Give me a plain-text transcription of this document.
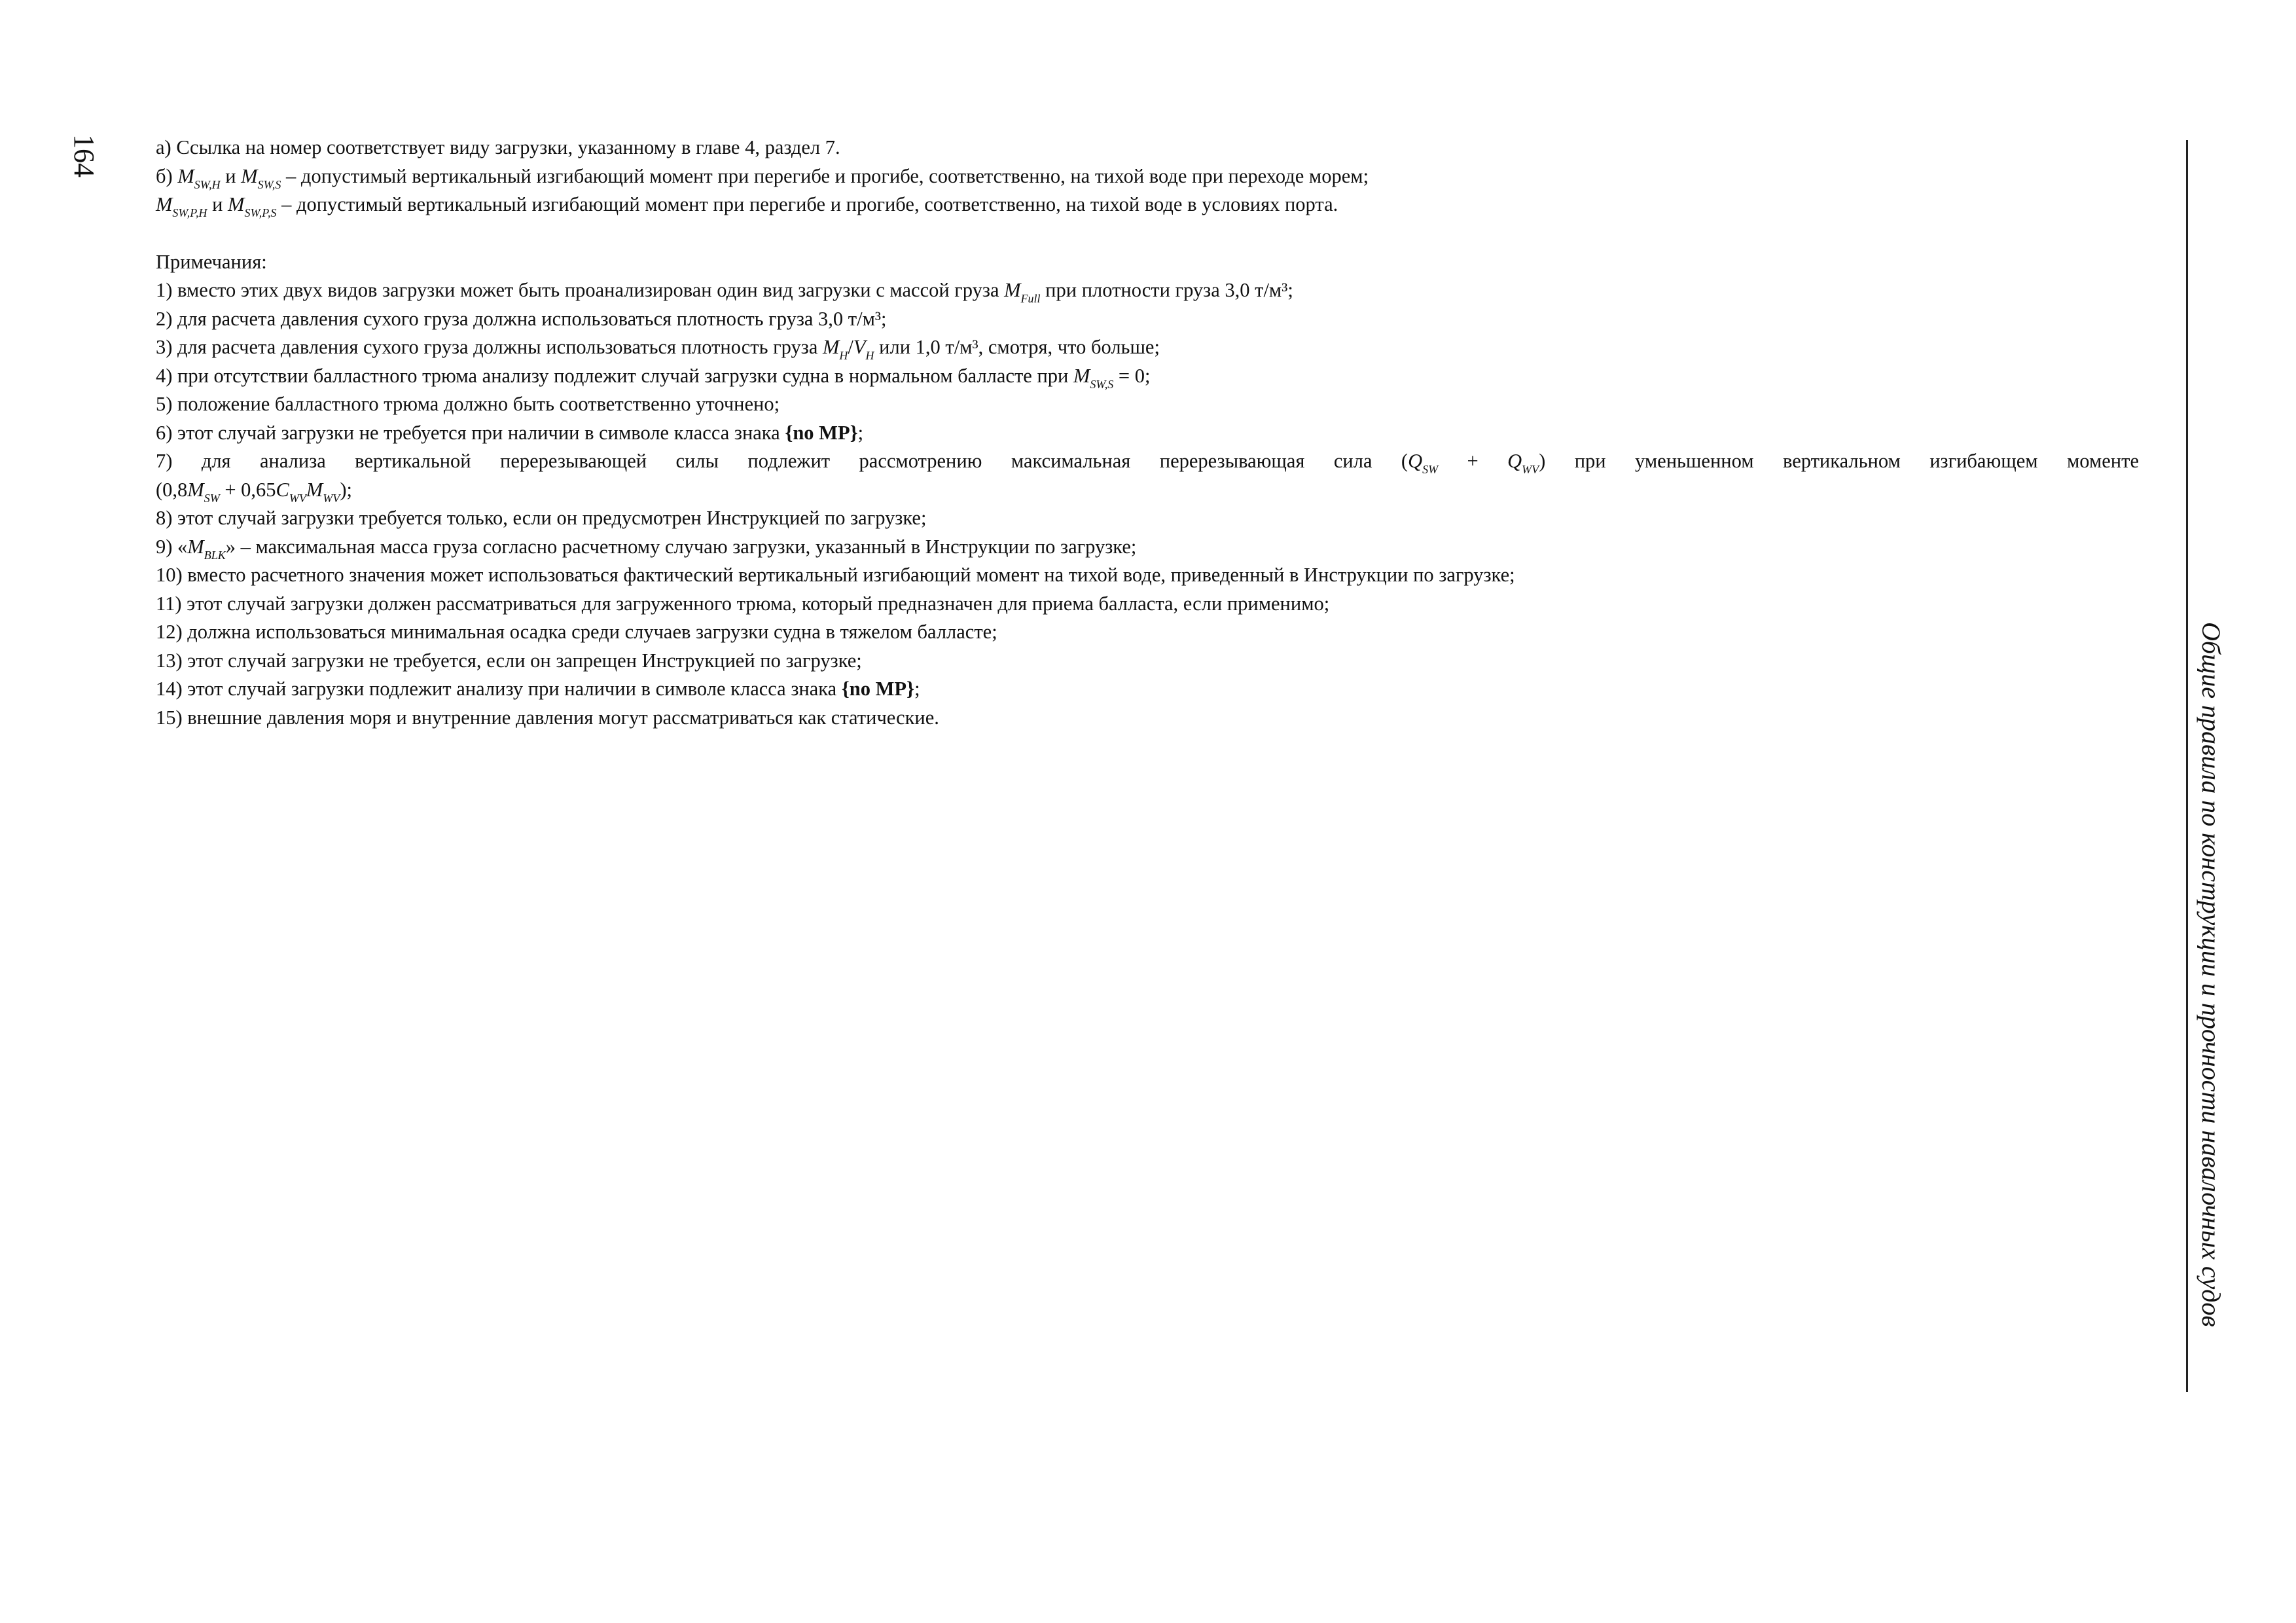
164	а) Ссылка на номер соответствует виду загрузки, указанному в главе 4, раздел 7.
б) $M_{SW,H}$ и $M_{SW,S}$ – допустимый вертикальный изгибающий момент при перегибе и прогибе, соответственно, на тихой воде при переходе морем;
$M_{SW,P,H}$ и $M_{SW,P,S}$ – допустимый вертикальный изгибающий момент при перегибе и прогибе, соответственно, на тихой воде в условиях порта.
Примечания:
1) вместо этих двух видов загрузки может быть проанализирован один вид загрузки с массой груза $M_{Full}$ при плотности груза 3,0 т/м³;
2) для расчета давления сухого груза должна использоваться плотность груза 3,0 т/м³;
3) для расчета давления сухого груза должны использоваться плотность груза $M_H/V_H$ или 1,0 т/м³, смотря, что больше;
4) при отсутствии балластного трюма анализу подлежит случай загрузки судна в нормальном балласте при $M_{SW,S} = 0$;
5) положение балластного трюма должно быть соответственно уточнено;
6) этот случай загрузки не требуется при наличии в символе класса знака {no MP};
7) для анализа вертикальной перерезывающей силы подлежит рассмотрению максимальная перерезывающая сила $(Q_{SW} + Q_{WV})$ при уменьшенном вертикальном изгибающем моменте
$(0,8M_{SW} + 0,65C_{WV}M_{WV})$;
8) этот случай загрузки требуется только, если он предусмотрен Инструкцией по загрузке;
9) «$M_{BLK}$» – максимальная масса груза согласно расчетному случаю загрузки, указанный в Инструкции по загрузке;
10) вместо расчетного значения может использоваться фактический вертикальный изгибающий момент на тихой воде, приведенный в Инструкции по загрузке;
11) этот случай загрузки должен рассматриваться для загруженного трюма, который предназначен для приема балласта, если применимо;
12) должна использоваться минимальная осадка среди случаев загрузки судна в тяжелом балласте;
13) этот случай загрузки не требуется, если он запрещен Инструкцией по загрузке;
14) этот случай загрузки подлежит анализу при наличии в символе класса знака {no MP};
15) внешние давления моря и внутренние давления могут рассматриваться как статические.	Общие правила по конструкции и прочности навалочных судов
